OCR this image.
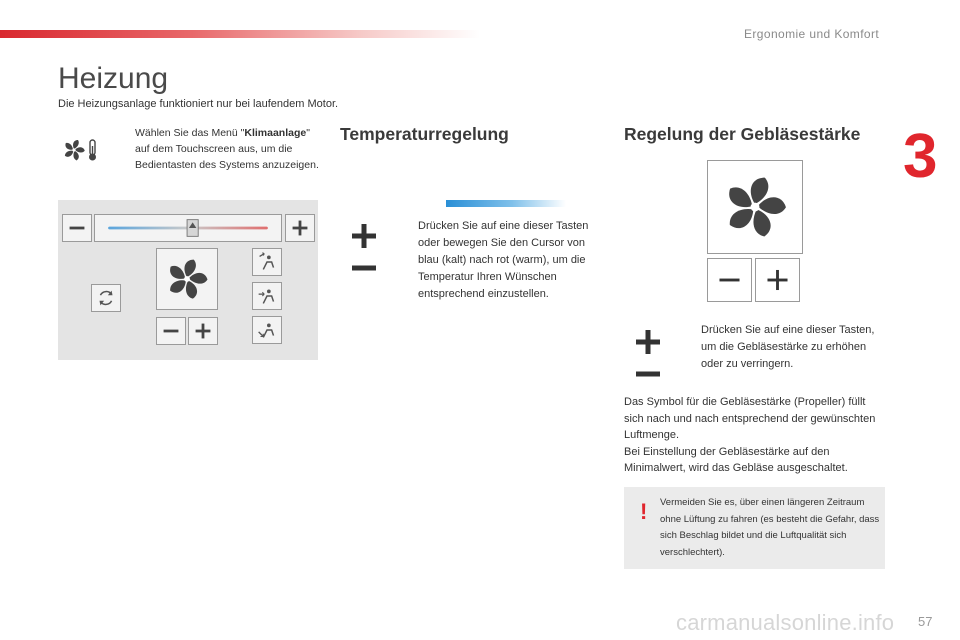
Ergonomie und Komfort
3
Heizung
Die Heizungsanlage funktioniert nur bei laufendem Motor.
Wählen Sie das Menü "Klimaanlage" auf dem Touchscreen aus, um die Bedientasten des Systems anzuzeigen.
Temperaturregelung
Drücken Sie auf eine dieser Tasten oder bewegen Sie den Cursor von blau (kalt) nach rot (warm), um die Temperatur Ihren Wünschen entsprechend einzustellen.
Regelung der Gebläsestärke
Drücken Sie auf eine dieser Tasten, um die Gebläsestärke zu erhöhen oder zu verringern.
Das Symbol für die Gebläsestärke (Propeller) füllt sich nach und nach entsprechend der gewünschten Luftmenge.
Bei Einstellung der Gebläsestärke auf den Minimalwert, wird das Gebläse ausgeschaltet.
! Vermeiden Sie es, über einen längeren Zeitraum ohne Lüftung zu fahren (es besteht die Gefahr, dass sich Beschlag bildet und die Luftqualität sich verschlechtert).
carmanualsonline.info 57
